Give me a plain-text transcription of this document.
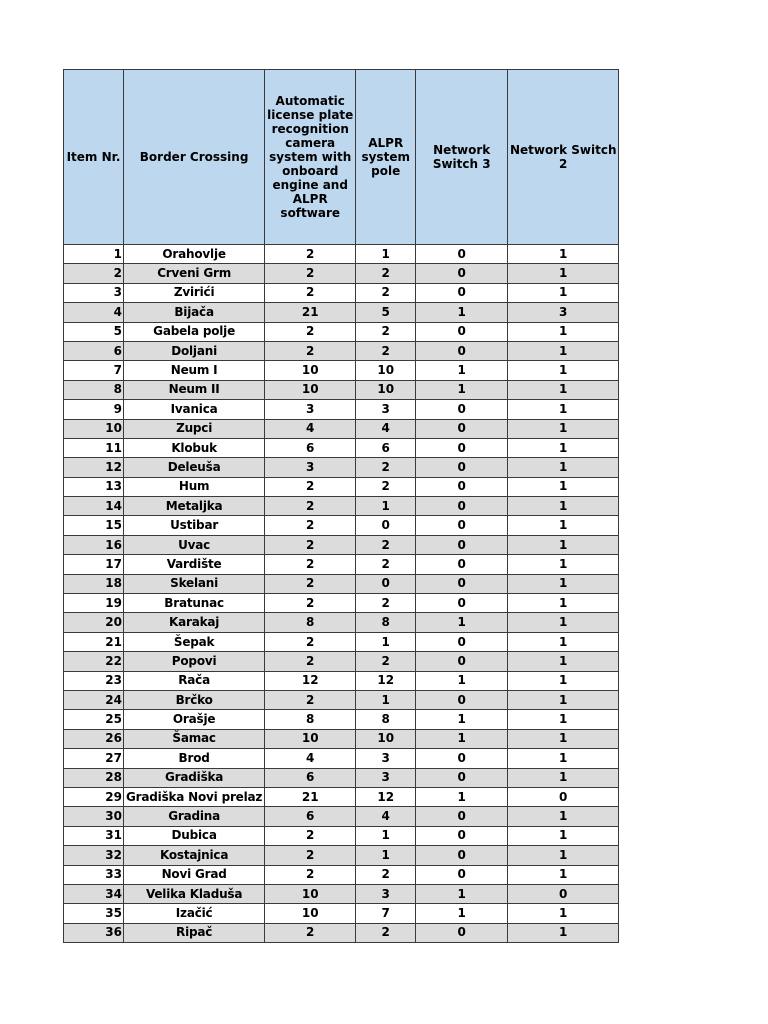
Item Nr.	Border Crossing	Automatic license plate recognition camera system with onboard engine and ALPR software	ALPR system pole	Network Switch 3	Network Switch 2
1	Orahovlje	2	1	0	1
2	Crveni Grm	2	2	0	1
3	Zvirići	2	2	0	1
4	Bijača	21	5	1	3
5	Gabela polje	2	2	0	1
6	Doljani	2	2	0	1
7	Neum I	10	10	1	1
8	Neum II	10	10	1	1
9	Ivanica	3	3	0	1
10	Zupci	4	4	0	1
11	Klobuk	6	6	0	1
12	Deleuša	3	2	0	1
13	Hum	2	2	0	1
14	Metaljka	2	1	0	1
15	Ustibar	2	0	0	1
16	Uvac	2	2	0	1
17	Vardište	2	2	0	1
18	Skelani	2	0	0	1
19	Bratunac	2	2	0	1
20	Karakaj	8	8	1	1
21	Šepak	2	1	0	1
22	Popovi	2	2	0	1
23	Rača	12	12	1	1
24	Brčko	2	1	0	1
25	Orašje	8	8	1	1
26	Šamac	10	10	1	1
27	Brod	4	3	0	1
28	Gradiška	6	3	0	1
29	Gradiška Novi prelaz	21	12	1	0
30	Gradina	6	4	0	1
31	Dubica	2	1	0	1
32	Kostajnica	2	1	0	1
33	Novi Grad	2	2	0	1
34	Velika Kladuša	10	3	1	0
35	Izačić	10	7	1	1
36	Ripač	2	2	0	1
